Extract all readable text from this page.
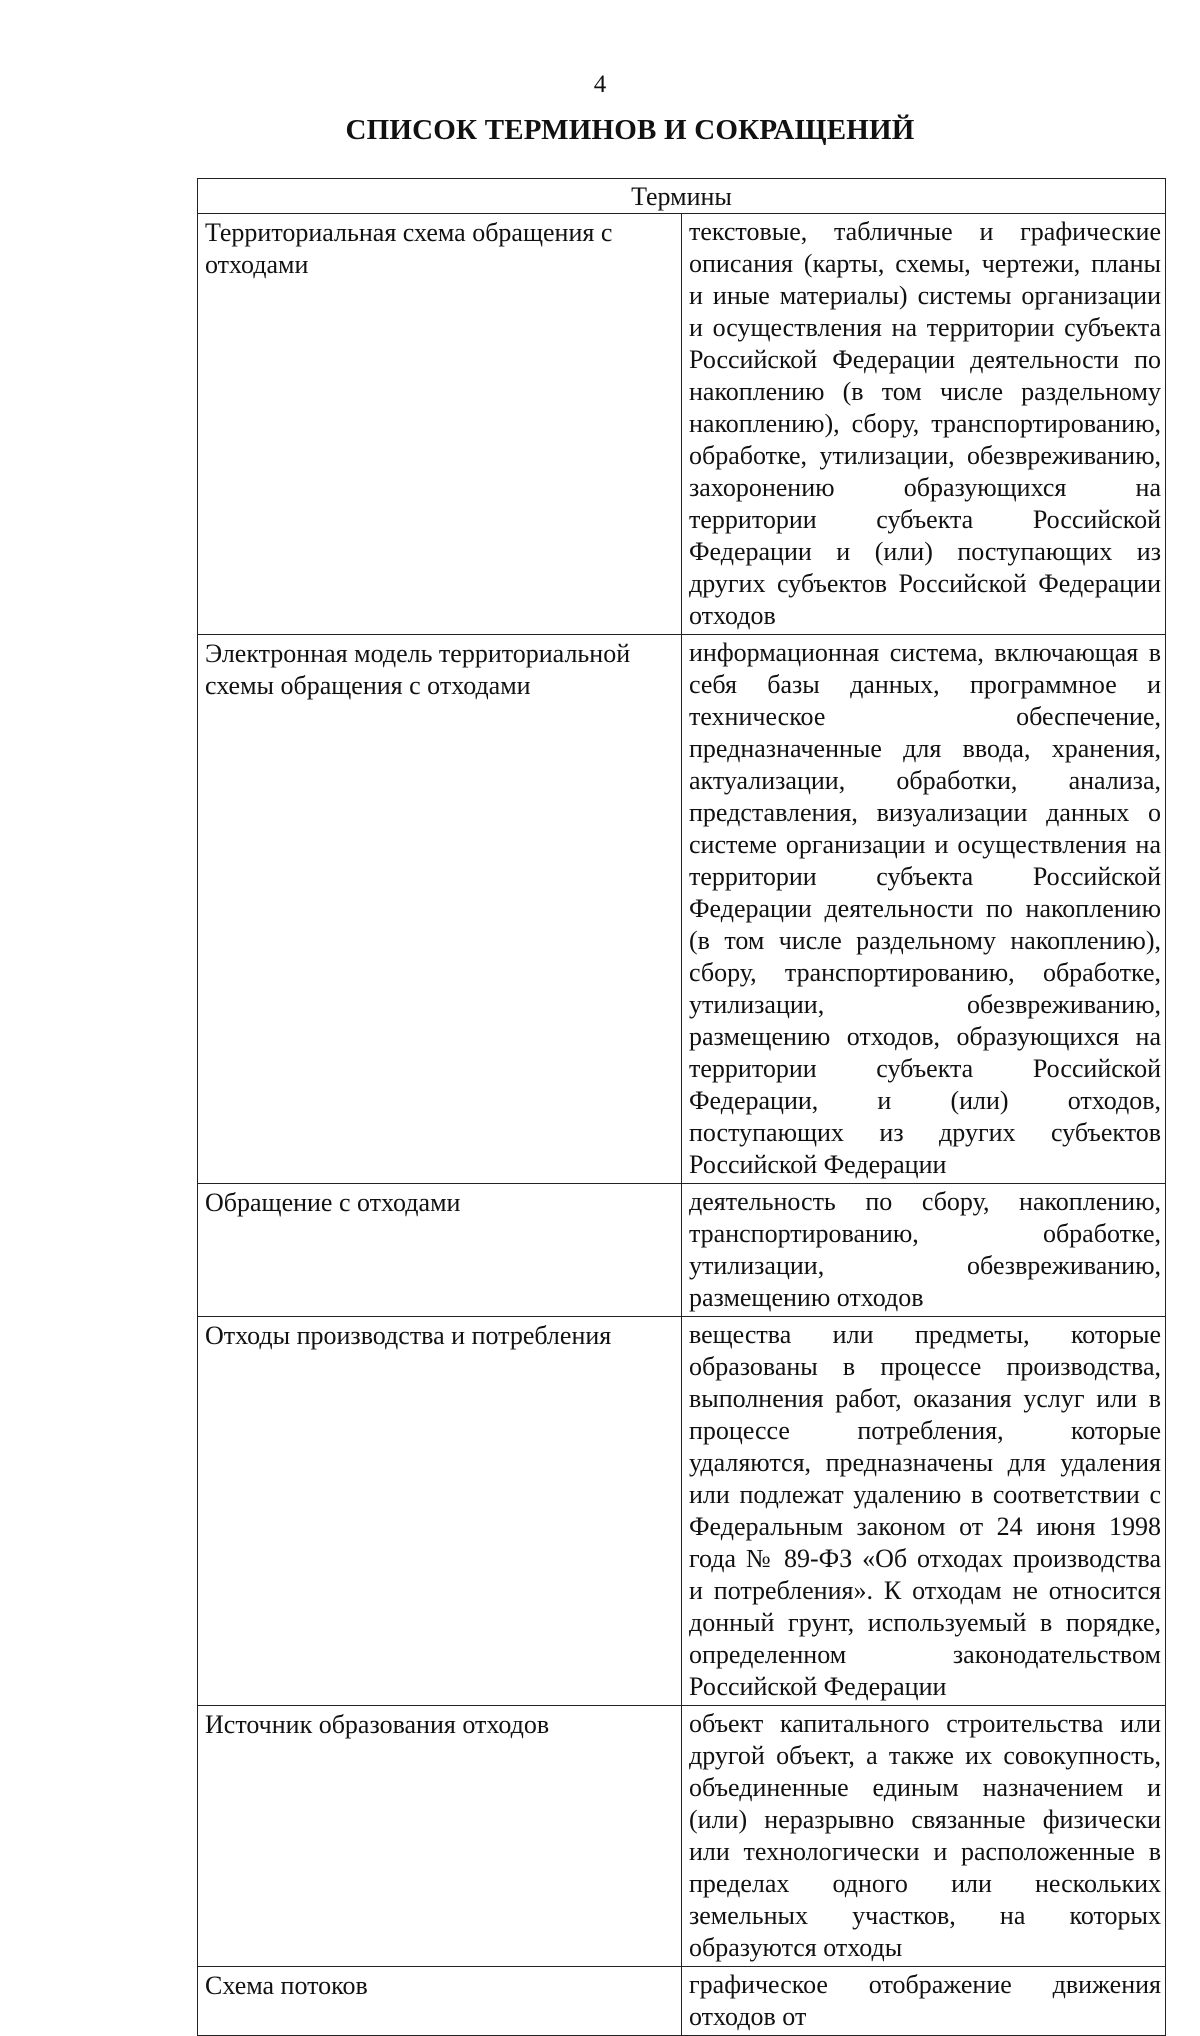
4
СПИСОК ТЕРМИНОВ И СОКРАЩЕНИЙ
Термины	
Территориальная схема обращения с отходами	текстовые, табличные и графические описания (карты, схемы, чертежи, планы и иные материалы) системы организации и осуществления на территории субъекта Российской Федерации деятельности по накоплению (в том числе раздельному накоплению), сбору, транспортированию, обработке, утилизации, обезвреживанию, захоронению образующихся на территории субъекта Российской Федерации и (или) поступающих из других субъектов Российской Федерации отходов
Электронная модель территориальной схемы обращения с отходами	информационная система, включающая в себя базы данных, программное и техническое обеспечение, предназначенные для ввода, хранения, актуализации, обработки, анализа, представления, визуализации данных о системе организации и осуществления на территории субъекта Российской Федерации деятельности по накоплению (в том числе раздельному накоплению), сбору, транспортированию, обработке, утилизации, обезвреживанию, размещению отходов, образующихся на территории субъекта Российской Федерации, и (или) отходов, поступающих из других субъектов Российской Федерации
Обращение с отходами	деятельность по сбору, накоплению, транспортированию, обработке, утилизации, обезвреживанию, размещению отходов
Отходы производства и потребления	вещества или предметы, которые образованы в процессе производства, выполнения работ, оказания услуг или в процессе потребления, которые удаляются, предназначены для удаления или подлежат удалению в соответствии с Федеральным законом от 24 июня 1998 года № 89-ФЗ «Об отходах производства и потребления». К отходам не относится донный грунт, используемый в порядке, определенном законодательством Российской Федерации
Источник образования отходов	объект капитального строительства или другой объект, а также их совокупность, объединенные единым назначением и (или) неразрывно связанные физически или технологически и расположенные в пределах одного или нескольких земельных участков, на которых образуются отходы
Схема потоков	графическое отображение движения отходов от
